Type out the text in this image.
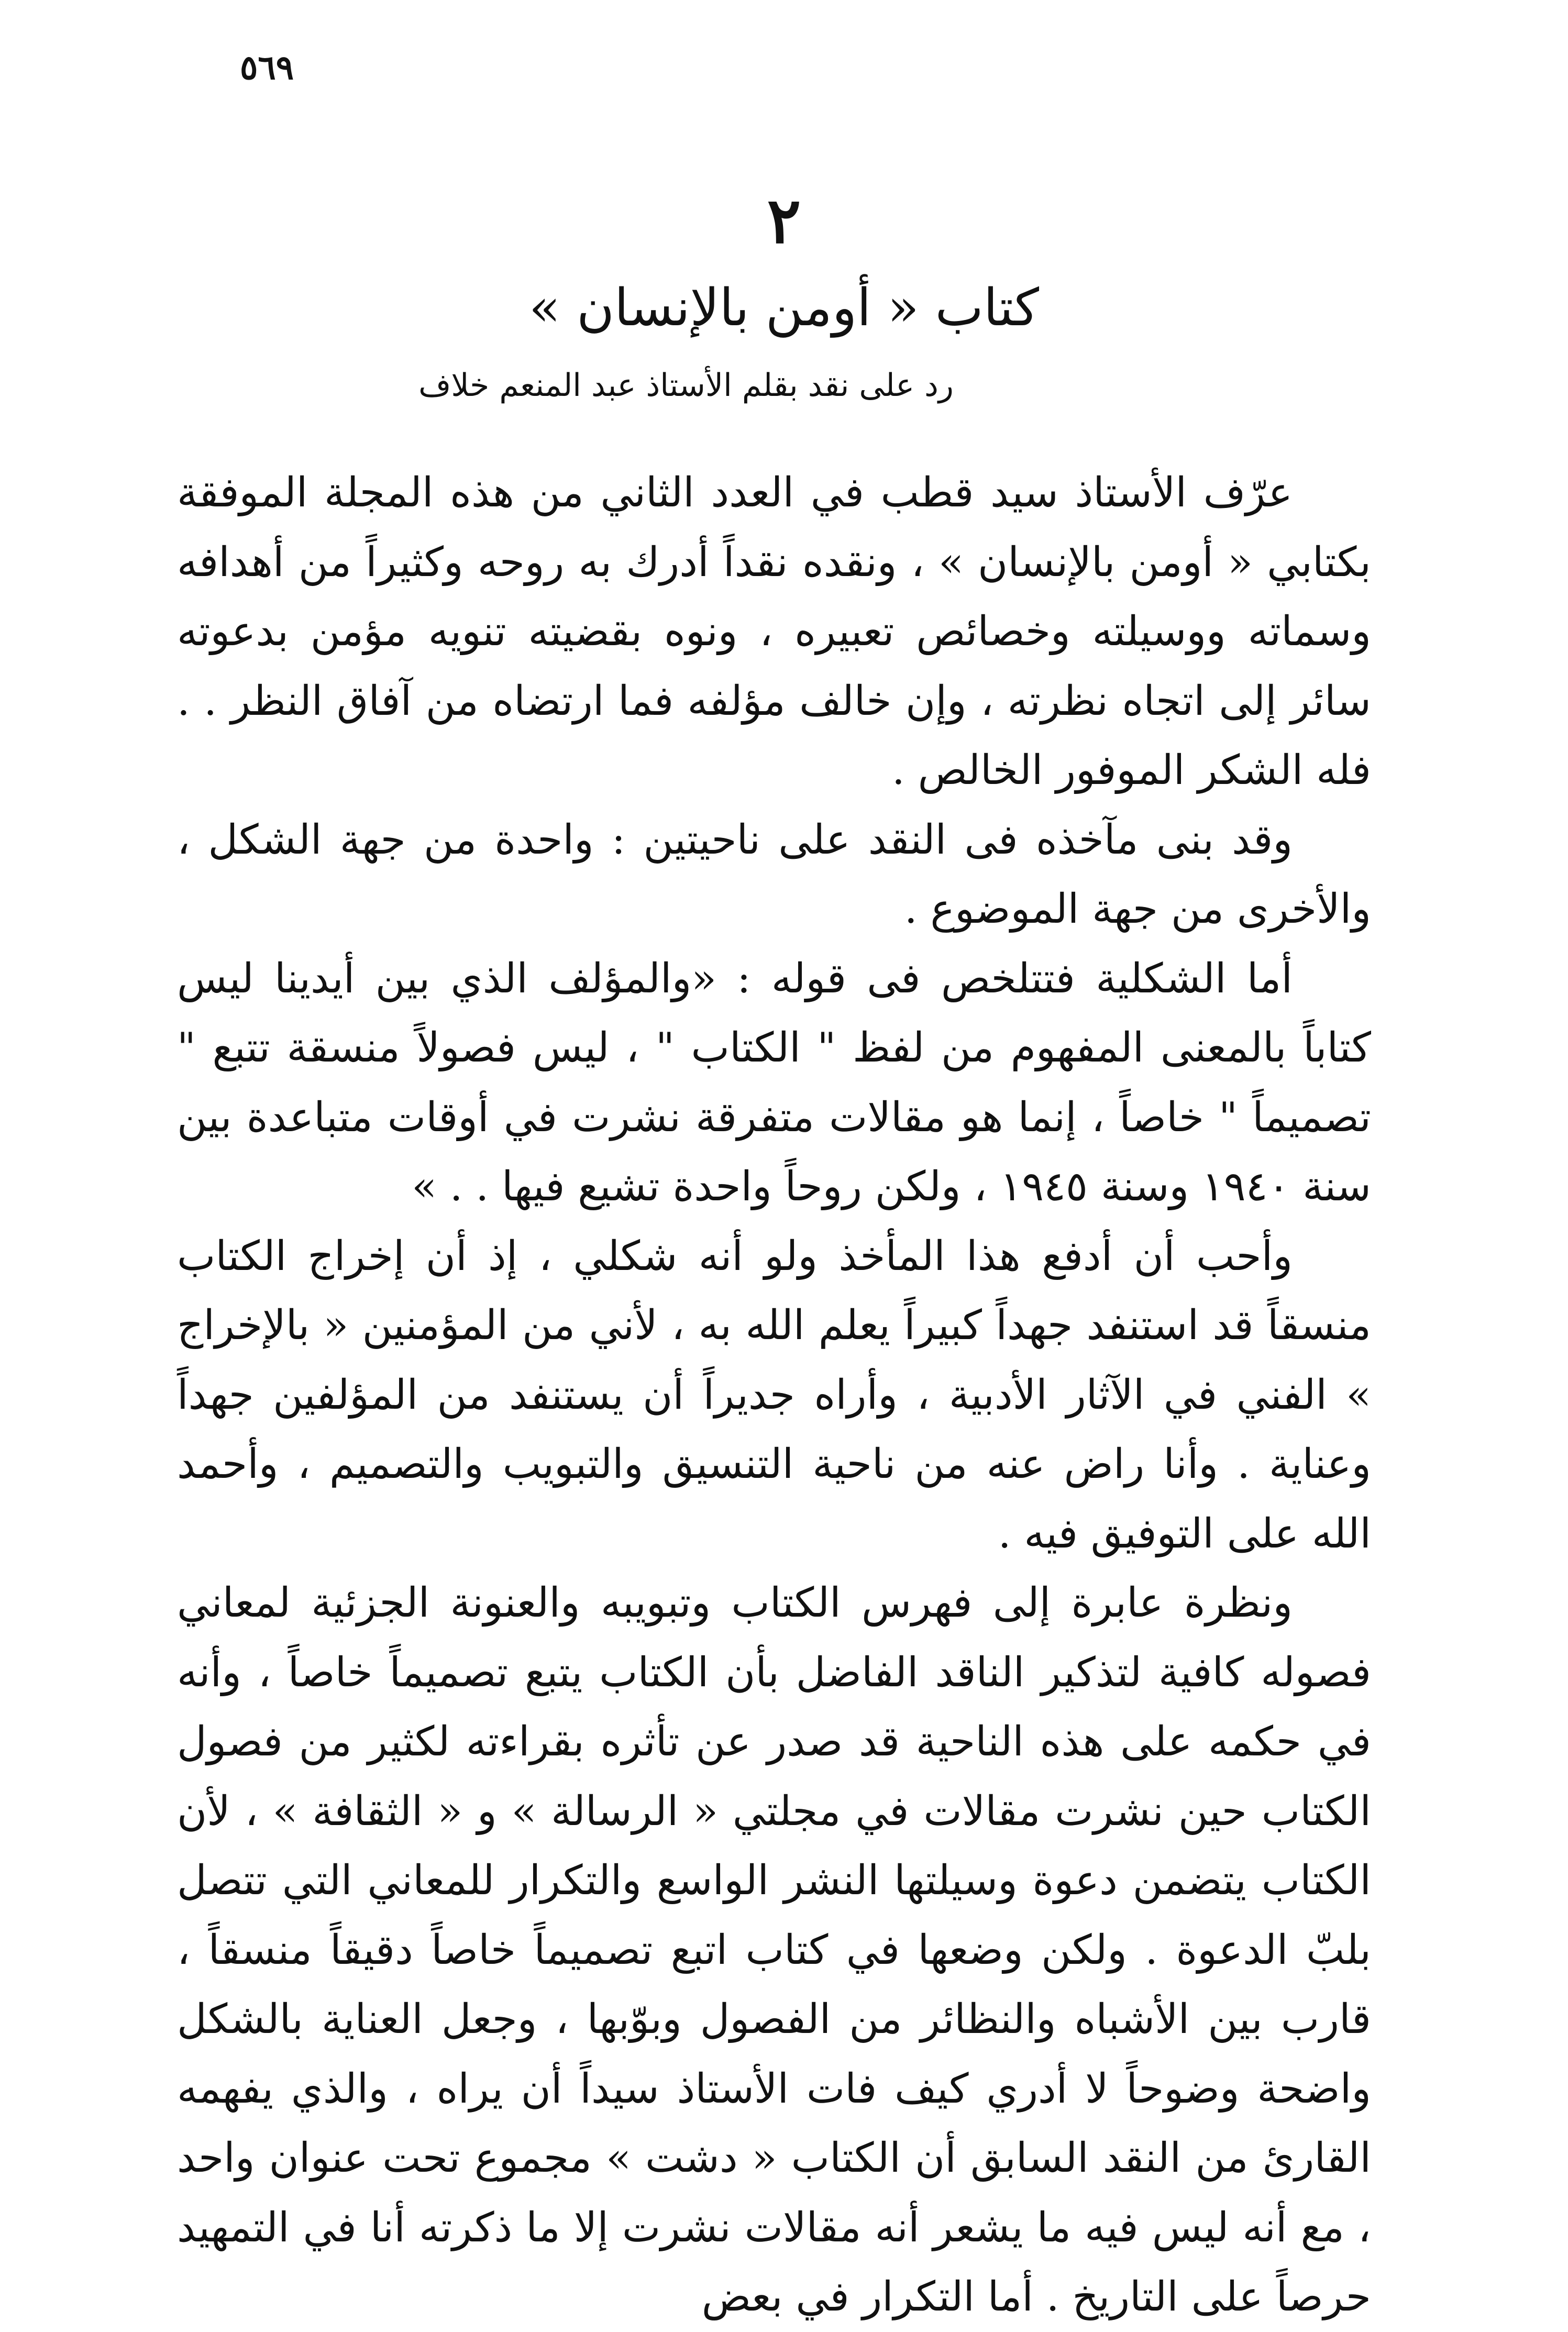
٥٦٩
٢
كتاب « أومن بالإنسان »
رد على نقد بقلم الأستاذ عبد المنعم خلاف

عرّف الأستاذ سيد قطب في العدد الثاني من هذه المجلة الموفقة بكتابي « أومن بالإنسان » ، ونقده نقداً أدرك به روحه وكثيراً من أهدافه وسماته ووسيلته وخصائص تعبيره ، ونوه بقضيته تنويه مؤمن بدعوته سائر إلى اتجاه نظرته ، وإن خالف مؤلفه فما ارتضاه من آفاق النظر . . فله الشكر الموفور الخالص .

وقد بنى مآخذه فى النقد على ناحيتين : واحدة من جهة الشكل ، والأخرى من جهة الموضوع .

أما الشكلية فتتلخص فى قوله : «والمؤلف الذي بين أيدينا ليس كتاباً بالمعنى المفهوم من لفظ " الكتاب " ، ليس فصولاً منسقة تتبع " تصميماً " خاصاً ، إنما هو مقالات متفرقة نشرت في أوقات متباعدة بين سنة ١٩٤٠ وسنة ١٩٤٥ ، ولكن روحاً واحدة تشيع فيها . . »

وأحب أن أدفع هذا المأخذ ولو أنه شكلي ، إذ أن إخراج الكتاب منسقاً قد استنفد جهداً كبيراً يعلم الله به ، لأني من المؤمنين « بالإخراج » الفني في الآثار الأدبية ، وأراه جديراً أن يستنفد من المؤلفين جهداً وعناية . وأنا راض عنه من ناحية التنسيق والتبويب والتصميم ، وأحمد الله على التوفيق فيه .

ونظرة عابرة إلى فهرس الكتاب وتبويبه والعنونة الجزئية لمعاني فصوله كافية لتذكير الناقد الفاضل بأن الكتاب يتبع تصميماً خاصاً ، وأنه في حكمه على هذه الناحية قد صدر عن تأثره بقراءته لكثير من فصول الكتاب حين نشرت مقالات في مجلتي « الرسالة » و « الثقافة » ، لأن الكتاب يتضمن دعوة وسيلتها النشر الواسع والتكرار للمعاني التي تتصل بلبّ الدعوة . ولكن وضعها في كتاب اتبع تصميماً خاصاً دقيقاً منسقاً ، قارب بين الأشباه والنظائر من الفصول وبوّبها ، وجعل العناية بالشكل واضحة وضوحاً لا أدري كيف فات الأستاذ سيداً أن يراه ، والذي يفهمه القارئ من النقد السابق أن الكتاب « دشت » مجموع تحت عنوان واحد ، مع أنه ليس فيه ما يشعر أنه مقالات نشرت إلا ما ذكرته أنا في التمهيد حرصاً على التاريخ . أما التكرار في بعض
